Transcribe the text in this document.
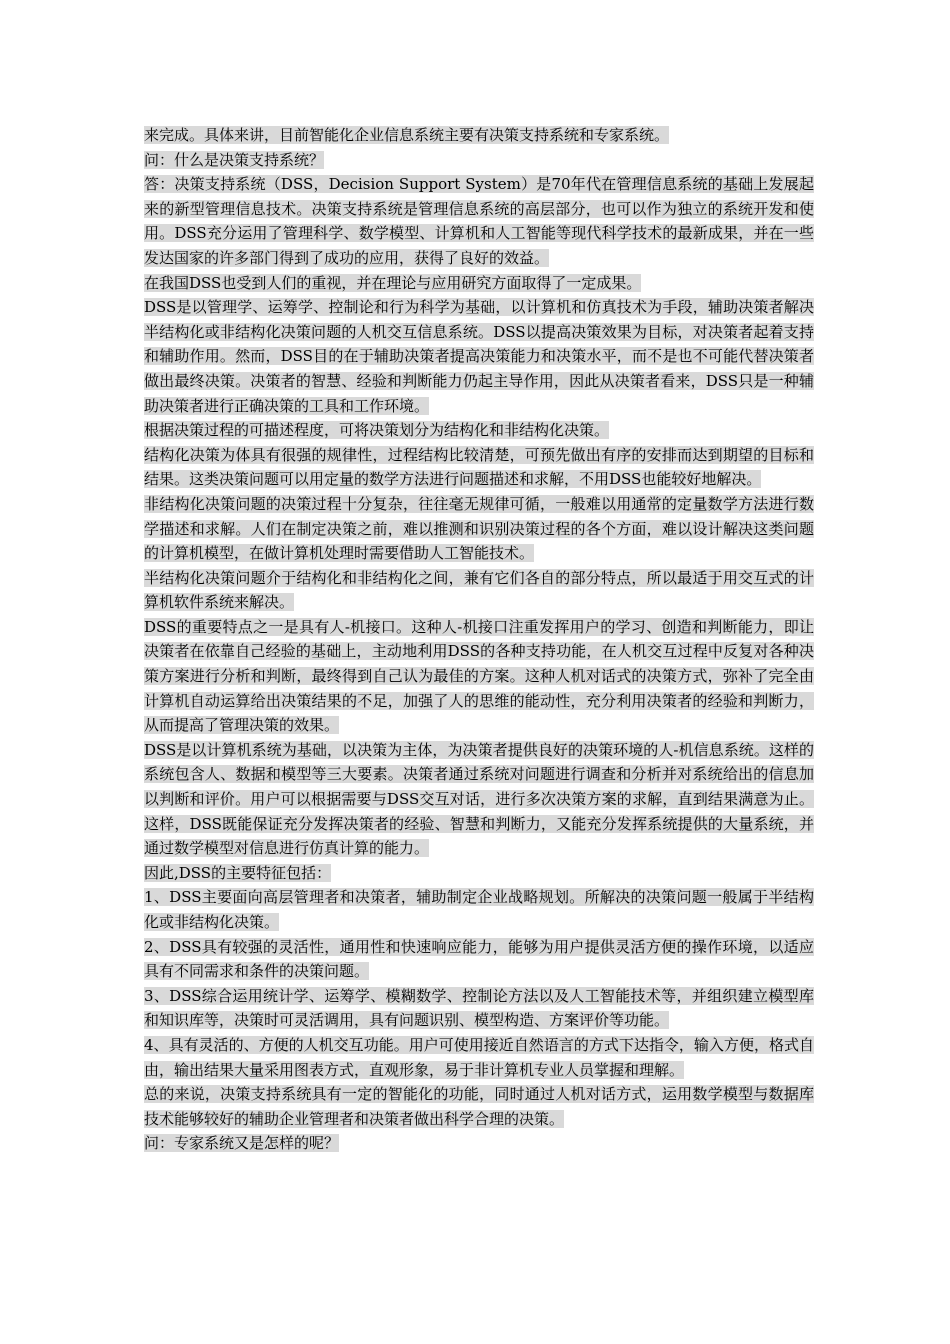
来完成。具体来讲，目前智能化企业信息系统主要有决策支持系统和专家系统。

问：什么是决策支持系统？

答：决策支持系统（DSS，Decision Support System）是70年代在管理信息系统的基础上发展起来的新型管理信息技术。决策支持系统是管理信息系统的高层部分，也可以作为独立的系统开发和使用。DSS充分运用了管理科学、数学模型、计算机和人工智能等现代科学技术的最新成果，并在一些发达国家的许多部门得到了成功的应用，获得了良好的效益。

在我国DSS也受到人们的重视，并在理论与应用研究方面取得了一定成果。

DSS是以管理学、运筹学、控制论和行为科学为基础，以计算机和仿真技术为手段，辅助决策者解决半结构化或非结构化决策问题的人机交互信息系统。DSS以提高决策效果为目标，对决策者起着支持和辅助作用。然而，DSS目的在于辅助决策者提高决策能力和决策水平，而不是也不可能代替决策者做出最终决策。决策者的智慧、经验和判断能力仍起主导作用，因此从决策者看来，DSS只是一种辅助决策者进行正确决策的工具和工作环境。

根据决策过程的可描述程度，可将决策划分为结构化和非结构化决策。

结构化决策为体具有很强的规律性，过程结构比较清楚，可预先做出有序的安排而达到期望的目标和结果。这类决策问题可以用定量的数学方法进行问题描述和求解，不用DSS也能较好地解决。

非结构化决策问题的决策过程十分复杂，往往毫无规律可循，一般难以用通常的定量数学方法进行数学描述和求解。人们在制定决策之前，难以推测和识别决策过程的各个方面，难以设计解决这类问题的计算机模型，在做计算机处理时需要借助人工智能技术。

半结构化决策问题介于结构化和非结构化之间，兼有它们各自的部分特点，所以最适于用交互式的计算机软件系统来解决。

DSS的重要特点之一是具有人-机接口。这种人-机接口注重发挥用户的学习、创造和判断能力，即让决策者在依靠自己经验的基础上，主动地利用DSS的各种支持功能，在人机交互过程中反复对各种决策方案进行分析和判断，最终得到自己认为最佳的方案。这种人机对话式的决策方式，弥补了完全由计算机自动运算给出决策结果的不足，加强了人的思维的能动性，充分利用决策者的经验和判断力，从而提高了管理决策的效果。

DSS是以计算机系统为基础，以决策为主体，为决策者提供良好的决策环境的人-机信息系统。这样的系统包含人、数据和模型等三大要素。决策者通过系统对问题进行调查和分析并对系统给出的信息加以判断和评价。用户可以根据需要与DSS交互对话，进行多次决策方案的求解，直到结果满意为止。这样，DSS既能保证充分发挥决策者的经验、智慧和判断力，又能充分发挥系统提供的大量系统，并通过数学模型对信息进行仿真计算的能力。

因此,DSS的主要特征包括：

1、DSS主要面向高层管理者和决策者，辅助制定企业战略规划。所解决的决策问题一般属于半结构化或非结构化决策。

2、DSS具有较强的灵活性，通用性和快速响应能力，能够为用户提供灵活方便的操作环境，以适应具有不同需求和条件的决策问题。

3、DSS综合运用统计学、运筹学、模糊数学、控制论方法以及人工智能技术等，并组织建立模型库和知识库等，决策时可灵活调用，具有问题识别、模型构造、方案评价等功能。

4、具有灵活的、方便的人机交互功能。用户可使用接近自然语言的方式下达指令，输入方便，格式自由，输出结果大量采用图表方式，直观形象，易于非计算机专业人员掌握和理解。

总的来说，决策支持系统具有一定的智能化的功能，同时通过人机对话方式，运用数学模型与数据库技术能够较好的辅助企业管理者和决策者做出科学合理的决策。

问：专家系统又是怎样的呢？
